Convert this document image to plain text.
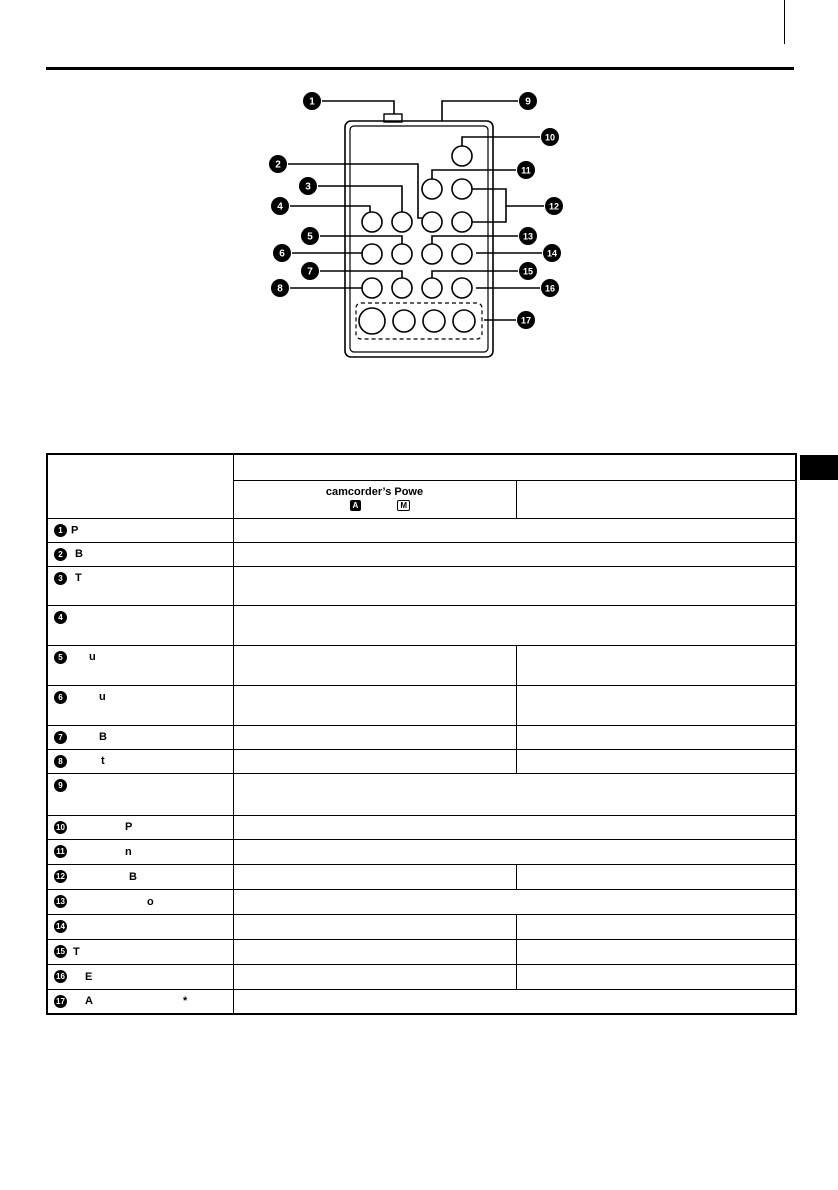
1	9
10
2	11
3
4	12
5	13
6	14
7	15
8	16
17

	camcorder’s Powe
A M	

1 P		
2 B		
3 T		
4		
5 u		
6 u		
7 B		
8 t		
9		
10 P		
11 n		
12 B		
13 o		
14		
15 T		
16 E		
17 A *		
